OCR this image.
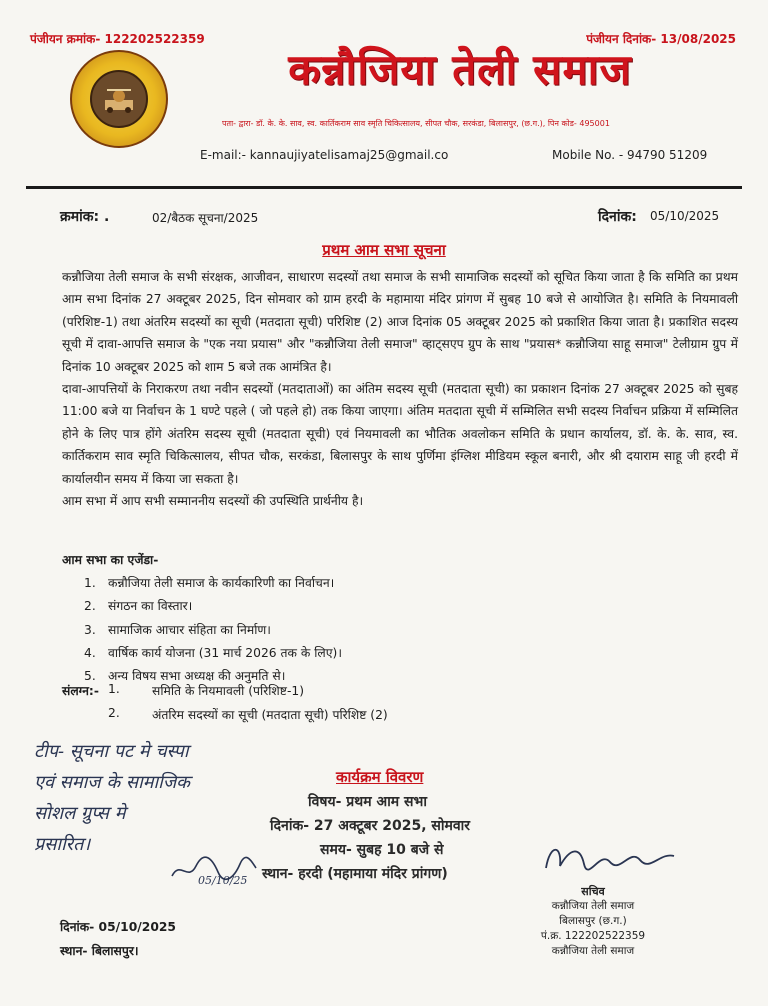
पंजीयन क्रमांक- 122202522359	पंजीयन दिनांक- 13/08/2025
कन्नौजिया तेली समाज
पता- द्वारा- डॉ. के. के. साव, स्व. कार्तिकराम साव स्मृति चिकित्सालय, सीपत चौक, सरकंडा, बिलासपुर, (छ.ग.), पिन कोड- 495001
E-mail:- kannaujiyatelisamaj25@gmail.co	Mobile No. - 94790 51209
क्रमांक: .	02/बैठक सूचना/2025	दिनांक: 05/10/2025
प्रथम आम सभा सूचना

कन्नौजिया तेली समाज के सभी संरक्षक, आजीवन, साधारण सदस्यों तथा समाज के सभी सामाजिक सदस्यों को सूचित किया जाता है कि समिति का प्रथम आम सभा दिनांक 27 अक्टूबर 2025, दिन सोमवार को ग्राम हरदी के महामाया मंदिर प्रांगण में सुबह 10 बजे से आयोजित है। समिति के नियमावली (परिशिष्ट-1) तथा अंतरिम सदस्यों का सूची (मतदाता सूची) परिशिष्ट (2) आज दिनांक 05 अक्टूबर 2025 को प्रकाशित किया जाता है। प्रकाशित सदस्य सूची में दावा-आपत्ति समाज के "एक नया प्रयास" और "कन्नौजिया तेली समाज" व्हाट्सएप ग्रुप के साथ "प्रयास* कन्नौजिया साहू समाज" टेलीग्राम ग्रुप में दिनांक 10 अक्टूबर 2025 को शाम 5 बजे तक आमंत्रित है।

दावा-आपत्तियों के निराकरण तथा नवीन सदस्यों (मतदाताओं) का अंतिम सदस्य सूची (मतदाता सूची) का प्रकाशन दिनांक 27 अक्टूबर 2025 को सुबह 11:00 बजे या निर्वाचन के 1 घण्टे पहले ( जो पहले हो) तक किया जाएगा। अंतिम मतदाता सूची में सम्मिलित सभी सदस्य निर्वाचन प्रक्रिया में सम्मिलित होने के लिए पात्र होंगे अंतरिम सदस्य सूची (मतदाता सूची) एवं नियमावली का भौतिक अवलोकन समिति के प्रधान कार्यालय, डॉ. के. के. साव, स्व. कार्तिकराम साव स्मृति चिकित्सालय, सीपत चौक, सरकंडा, बिलासपुर के साथ पुर्णिमा इंग्लिश मीडियम स्कूल बनारी, और श्री दयाराम साहू जी हरदी में कार्यालयीन समय में किया जा सकता है।

आम सभा में आप सभी सम्माननीय सदस्यों की उपस्थिति प्रार्थनीय है।

आम सभा का एजेंडा-
1. कन्नौजिया तेली समाज के कार्यकारिणी का निर्वाचन।
2. संगठन का विस्तार।
3. सामाजिक आचार संहिता का निर्माण।
4. वार्षिक कार्य योजना (31 मार्च 2026 तक के लिए)।
5. अन्य विषय सभा अध्यक्ष की अनुमति से।
संलग्न:- 1.	समिति के नियमावली (परिशिष्ट-1)
2.	अंतरिम सदस्यों का सूची (मतदाता सूची) परिशिष्ट (2)
टीप- सूचना पट मे चस्पा
एवं समाज के सामाजिक
सोशल ग्रुप्स मे
प्रसारित।
कार्यक्रम विवरण
विषय- प्रथम आम सभा
दिनांक- 27 अक्टूबर 2025, सोमवार
समय- सुबह 10 बजे से
स्थान- हरदी (महामाया मंदिर प्रांगण)
05/10/25
सचिव
कन्नौजिया तेली समाज
बिलासपुर (छ.ग.)
पं.क्र. 122202522359
कन्नौजिया तेली समाज
दिनांक- 05/10/2025
स्थान- बिलासपुर।
